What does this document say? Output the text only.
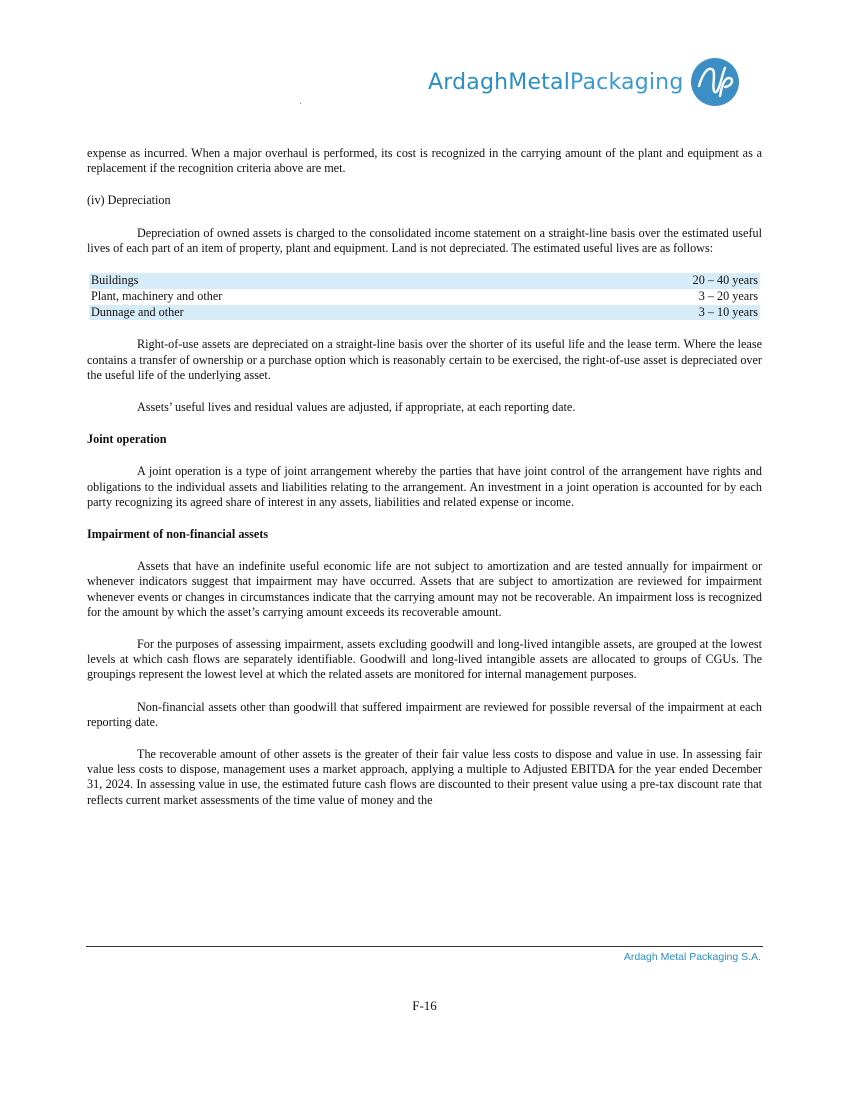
ArdaghMetalPackaging
MP

expense as incurred. When a major overhaul is performed, its cost is recognized in the carrying amount of the plant and equipment as a replacement if the recognition criteria above are met.

(iv) Depreciation

Depreciation of owned assets is charged to the consolidated income statement on a straight-line basis over the estimated useful lives of each part of an item of property, plant and equipment. Land is not depreciated. The estimated useful lives are as follows:

Buildings	20 – 40 years
Plant, machinery and other	3 – 20 years
Dunnage and other	3 – 10 years

Right-of-use assets are depreciated on a straight-line basis over the shorter of its useful life and the lease term. Where the lease contains a transfer of ownership or a purchase option which is reasonably certain to be exercised, the right-of-use asset is depreciated over the useful life of the underlying asset.

Assets’ useful lives and residual values are adjusted, if appropriate, at each reporting date.

Joint operation

A joint operation is a type of joint arrangement whereby the parties that have joint control of the arrangement have rights and obligations to the individual assets and liabilities relating to the arrangement. An investment in a joint operation is accounted for by each party recognizing its agreed share of interest in any assets, liabilities and related expense or income.

Impairment of non-financial assets

Assets that have an indefinite useful economic life are not subject to amortization and are tested annually for impairment or whenever indicators suggest that impairment may have occurred. Assets that are subject to amortization are reviewed for impairment whenever events or changes in circumstances indicate that the carrying amount may not be recoverable. An impairment loss is recognized for the amount by which the asset’s carrying amount exceeds its recoverable amount.

For the purposes of assessing impairment, assets excluding goodwill and long-lived intangible assets, are grouped at the lowest levels at which cash flows are separately identifiable. Goodwill and long-lived intangible assets are allocated to groups of CGUs. The groupings represent the lowest level at which the related assets are monitored for internal management purposes.

Non-financial assets other than goodwill that suffered impairment are reviewed for possible reversal of the impairment at each reporting date.

The recoverable amount of other assets is the greater of their fair value less costs to dispose and value in use. In assessing fair value less costs to dispose, management uses a market approach, applying a multiple to Adjusted EBITDA for the year ended December 31, 2024. In assessing value in use, the estimated future cash flows are discounted to their present value using a pre-tax discount rate that reflects current market assessments of the time value of money and the

Ardagh Metal Packaging S.A.
F-16
